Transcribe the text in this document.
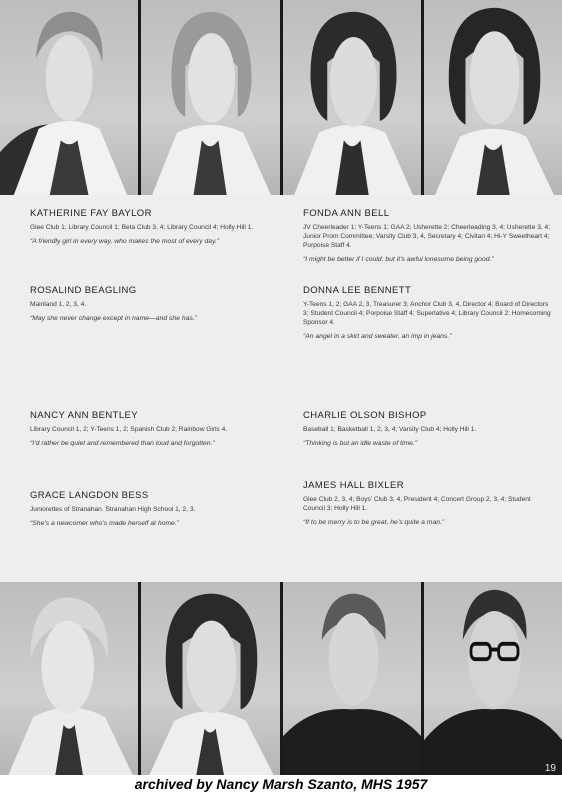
KATHERINE FAY BAYLOR

Glee Club 1; Library Council 1; Beta Club 3, 4; Library Council 4; Holly Hill 1.

“A friendly girl in every way, who makes the most of every day.”

ROSALIND BEAGLING

Mainland 1, 2, 3, 4.

“May she never change except in name—and she has.”

NANCY ANN BENTLEY

Library Council 1, 2; Y-Teens 1, 2; Spanish Club 2; Rainbow Girls 4.

“I’d rather be quiet and remembered than loud and forgotten.”

GRACE LANGDON BESS

Juniorettes of Stranahan. Stranahan High School 1, 2, 3.

“She’s a newcomer who’s made herself at home.”

FONDA ANN BELL

JV Cheerleader 1; Y-Teens 1; GAA 2; Usherette 2; Cheerleading 3, 4; Usherette 3, 4; Junior Prom Committee; Varsity Club 3, 4, Secretary 4; Civitan 4; Hi-Y Sweetheart 4; Porpoise Staff 4.

“I might be better if I could; but it’s awful lonesome being good.”

DONNA LEE BENNETT

Y-Teens 1, 2; GAA 2, 3, Treasurer 3; Anchor Club 3, 4, Director 4; Board of Directors 3; Student Council 4; Porpoise Staff 4; Superlative 4; Library Council 2; Homecoming Sponsor 4.

“An angel in a skirt and sweater, an imp in jeans.”

CHARLIE OLSON BISHOP

Baseball 1; Basketball 1, 2, 3, 4; Varsity Club 4; Holly Hill 1.

“Thinking is but an idle waste of time.”

JAMES HALL BIXLER

Glee Club 2, 3, 4; Boys’ Club 3, 4, President 4; Concert Group 2, 3, 4; Student Council 3; Holly Hill 1.

“If to be merry is to be great, he’s quite a man.”

19
archived by Nancy Marsh Szanto, MHS 1957
